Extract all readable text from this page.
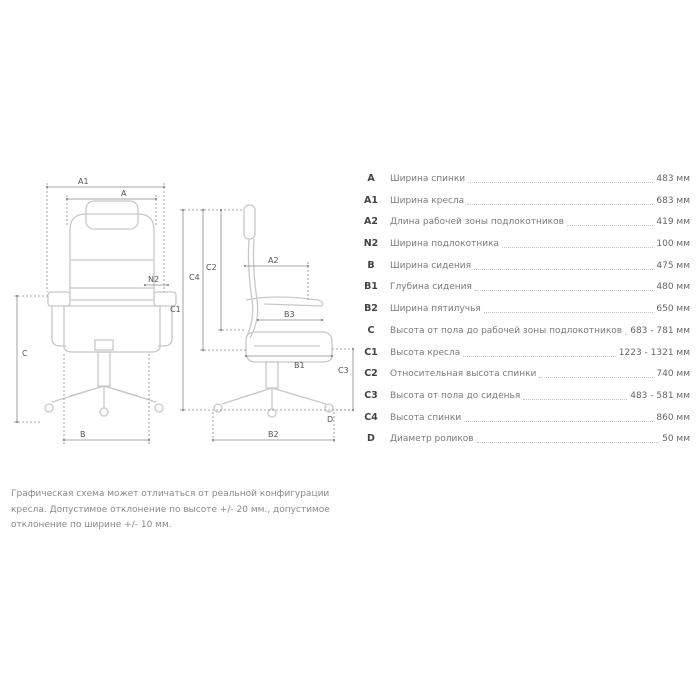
A1
A
N2
C
B
C4
C2
C1
A2
B3
B1
C3
D
B2
A	Ширина спинки	483 мм
A1	Ширина кресла	683 мм
A2	Длина рабочей зоны подлокотников	419 мм
N2	Ширина подлокотника	100 мм
B	Ширина сидения	475 мм
B1	Глубина сидения	480 мм
B2	Ширина пятилучья	650 мм
C	Высота от пола до рабочей зоны подлокотников 683 - 781 мм
C1	Высота кресла	1223 - 1321 мм
C2	Относительная высота спинки	740 мм
C3	Высота от пола до сиденья	483 - 581 мм
C4	Высота спинки	860 мм
D	Диаметр роликов	50 мм
Графическая схема может отличаться от реальной конфигурации кресла. Допустимое отклонение по высоте +/- 20 мм., допустимое отклонение по ширине +/- 10 мм.
